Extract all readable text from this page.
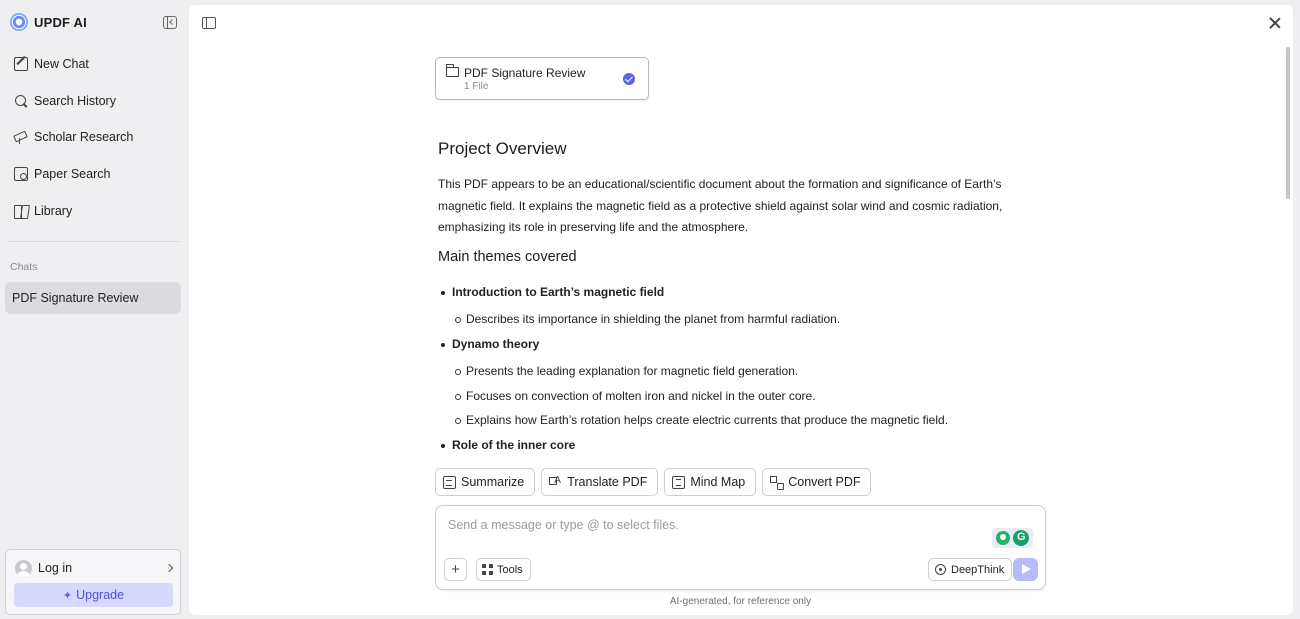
UPDF AI
New Chat
Search History
Scholar Research
Paper Search
Library
Chats
PDF Signature Review
Log in
✦ Upgrade
PDF Signature Review
1 File
Project Overview

This PDF appears to be an educational/scientific document about the formation and significance of Earth’s magnetic field. It explains the magnetic field as a protective shield against solar wind and cosmic radiation, emphasizing its role in preserving life and the atmosphere.

Main themes covered
Introduction to Earth’s magnetic field
Describes its importance in shielding the planet from harmful radiation.
Dynamo theory
Presents the leading explanation for magnetic field generation.
Focuses on convection of molten iron and nickel in the outer core.
Explains how Earth’s rotation helps create electric currents that produce the magnetic field.
Role of the inner core
Summarize
A	Translate PDF	Mind Map	Convert PDF
Send a message or type @ to select files.
G
+	Tools	DeepThink
AI-generated, for reference only
